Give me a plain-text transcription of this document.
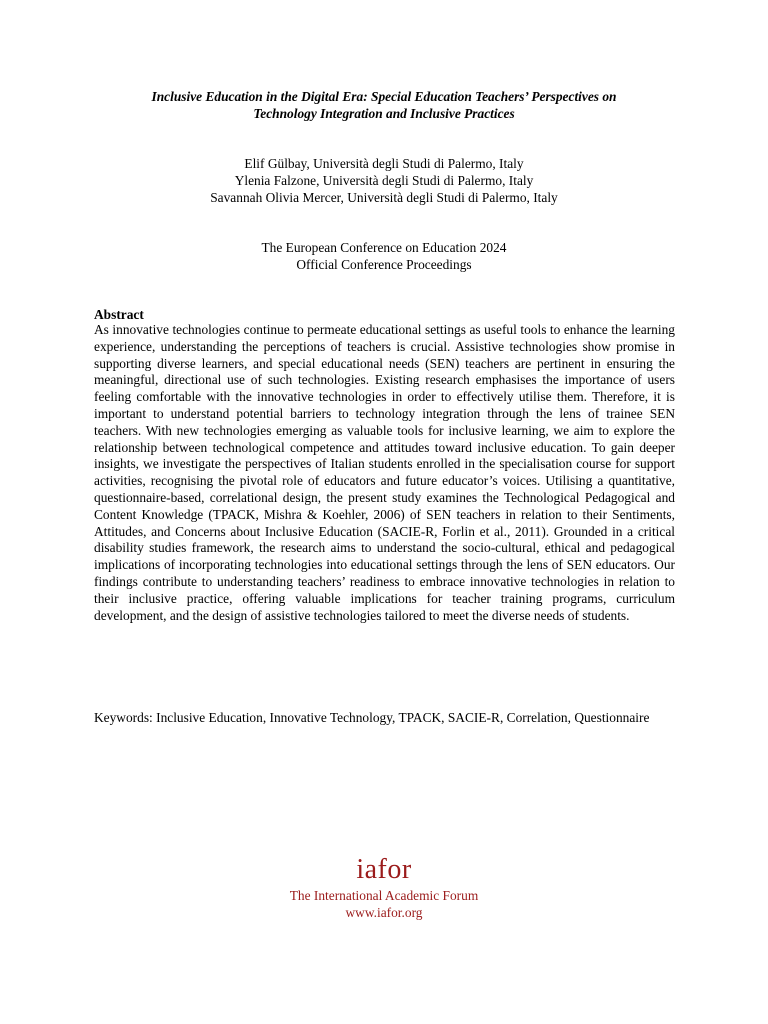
Inclusive Education in the Digital Era: Special Education Teachers’ Perspectives on
Technology Integration and Inclusive Practices
Elif Gülbay, Università degli Studi di Palermo, Italy
Ylenia Falzone, Università degli Studi di Palermo, Italy
Savannah Olivia Mercer, Università degli Studi di Palermo, Italy
The European Conference on Education 2024
Official Conference Proceedings
Abstract

As innovative technologies continue to permeate educational settings as useful tools to enhance the learning experience, understanding the perceptions of teachers is crucial. Assistive technologies show promise in supporting diverse learners, and special educational needs (SEN) teachers are pertinent in ensuring the meaningful, directional use of such technologies. Existing research emphasises the importance of users feeling comfortable with the innovative technologies in order to effectively utilise them. Therefore, it is important to understand potential barriers to technology integration through the lens of trainee SEN teachers. With new technologies emerging as valuable tools for inclusive learning, we aim to explore the relationship between technological competence and attitudes toward inclusive education. To gain deeper insights, we investigate the perspectives of Italian students enrolled in the specialisation course for support activities, recognising the pivotal role of educators and future educator’s voices. Utilising a quantitative, questionnaire-based, correlational design, the present study examines the Technological Pedagogical and Content Knowledge (TPACK, Mishra & Koehler, 2006) of SEN teachers in relation to their Sentiments, Attitudes, and Concerns about Inclusive Education (SACIE-R, Forlin et al., 2011). Grounded in a critical disability studies framework, the research aims to understand the socio-cultural, ethical and pedagogical implications of incorporating technologies into educational settings through the lens of SEN educators. Our findings contribute to understanding teachers’ readiness to embrace innovative technologies in relation to their inclusive practice, offering valuable implications for teacher training programs, curriculum development, and the design of assistive technologies tailored to meet the diverse needs of students.

Keywords: Inclusive Education, Innovative Technology, TPACK, SACIE-R, Correlation, Questionnaire

iafor
The International Academic Forum
www.iafor.org
